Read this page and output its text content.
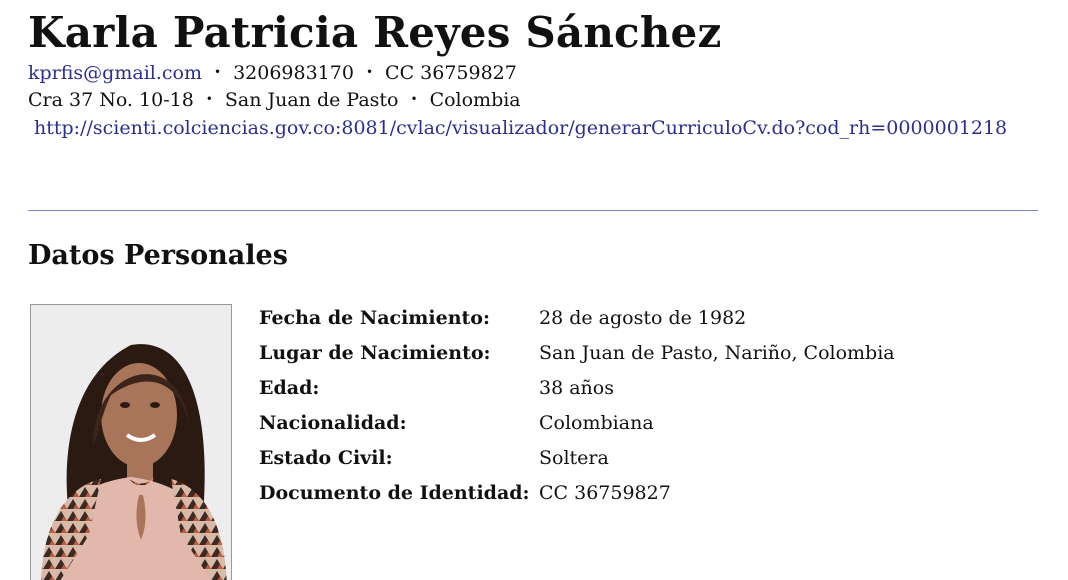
Karla Patricia Reyes Sánchez
kprfis@gmail.com • 3206983170 • CC 36759827
Cra 37 No. 10-18 • San Juan de Pasto • Colombia
http://scienti.colciencias.gov.co:8081/cvlac/visualizador/generarCurriculoCv.do?cod_rh=0000001218
Datos Personales
Fecha de Nacimiento:	28 de agosto de 1982
Lugar de Nacimiento:	San Juan de Pasto, Nariño, Colombia
Edad:	38 años
Nacionalidad:	Colombiana
Estado Civil:	Soltera
Documento de Identidad:	CC 36759827
